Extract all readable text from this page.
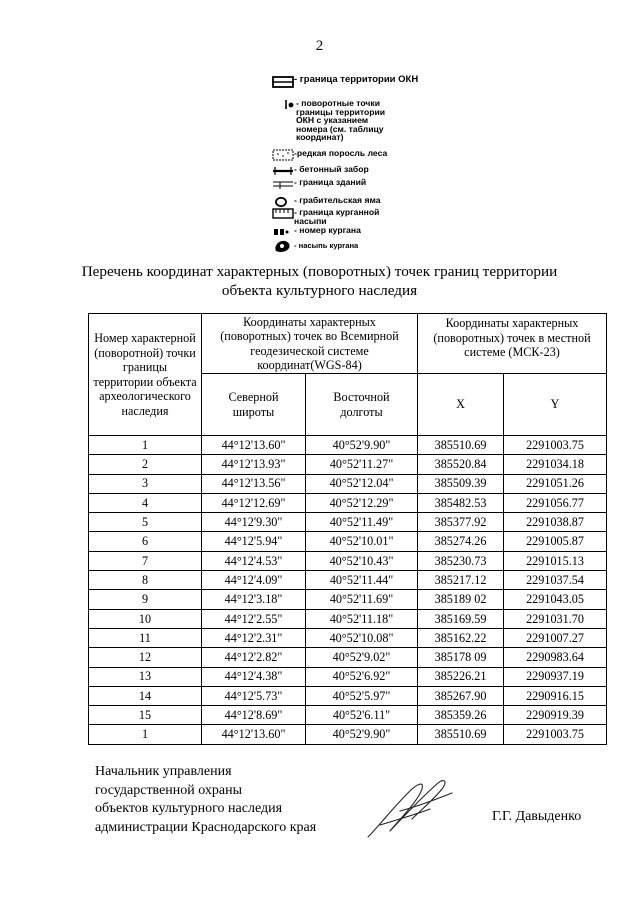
2
- граница территории ОКН
- поворотные точки
границы территории
ОКН с указанием
номера (см. таблицу
координат)
-редкая поросль леса
- бетонный забор
- граница зданий
- грабительская яма
- граница курганной
насыпи
- номер кургана
- насыпь кургана
Перечень координат характерных (поворотных) точек границ территории
объекта культурного наследия
Номер характерной (поворотной) точки границы территории объекта археологического наследия	Координаты характерных (поворотных) точек во Всемирной геодезической системе координат(WGS-84)		Координаты характерных (поворотных) точек в местной системе (МСК-23)	
	Северной широты	Восточной долготы	X	Y
1	44°12'13.60"	40°52'9.90"	385510.69	2291003.75
2	44°12'13.93"	40°52'11.27"	385520.84	2291034.18
3	44°12'13.56"	40°52'12.04"	385509.39	2291051.26
4	44°12'12.69"	40°52'12.29"	385482.53	2291056.77
5	44°12'9.30"	40°52'11.49"	385377.92	2291038.87
6	44°12'5.94"	40°52'10.01"	385274.26	2291005.87
7	44°12'4.53"	40°52'10.43"	385230.73	2291015.13
8	44°12'4.09"	40°52'11.44"	385217.12	2291037.54
9	44°12'3.18"	40°52'11.69"	385189 02	2291043.05
10	44°12'2.55"	40°52'11.18"	385169.59	2291031.70
11	44°12'2.31"	40°52'10.08"	385162.22	2291007.27
12	44°12'2.82"	40°52'9.02"	385178 09	2290983.64
13	44°12'4.38"	40°52'6.92"	385226.21	2290937.19
14	44°12'5.73"	40°52'5.97"	385267.90	2290916.15
15	44°12'8.69"	40°52'6.11"	385359.26	2290919.39
1	44°12'13.60"	40°52'9.90"	385510.69	2291003.75
Начальник управления
государственной охраны
объектов культурного наследия
администрации Краснодарского края
Г.Г. Давыденко
